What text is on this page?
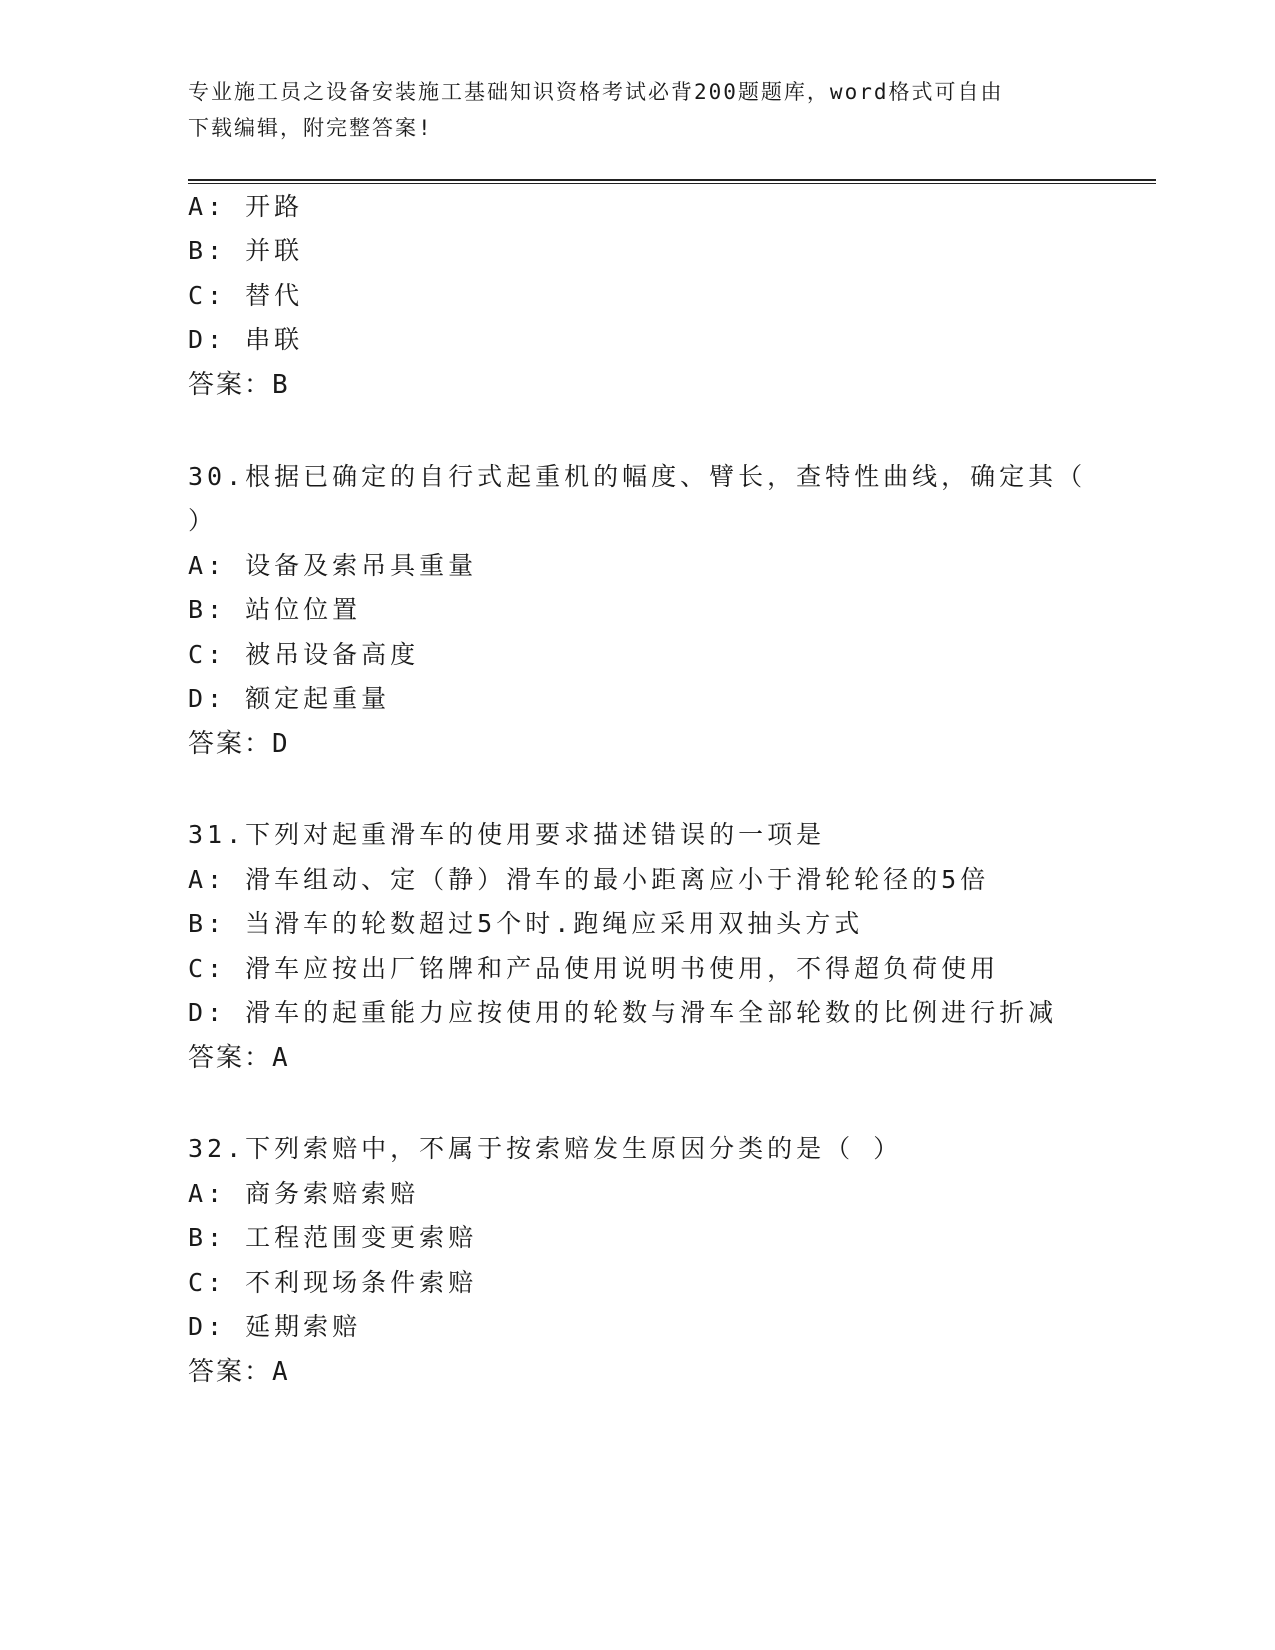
专业施工员之设备安装施工基础知识资格考试必背200题题库，word格式可自由
下载编辑，附完整答案!
A: 开路
B: 并联
C: 替代
D: 串联
答案：B
30.根据已确定的自行式起重机的幅度、臂长，查特性曲线，确定其（
）
A: 设备及索吊具重量
B: 站位位置
C: 被吊设备高度
D: 额定起重量
答案：D
31.下列对起重滑车的使用要求描述错误的一项是
A: 滑车组动、定（静）滑车的最小距离应小于滑轮轮径的5倍
B: 当滑车的轮数超过5个时.跑绳应采用双抽头方式
C: 滑车应按出厂铭牌和产品使用说明书使用，不得超负荷使用
D: 滑车的起重能力应按使用的轮数与滑车全部轮数的比例进行折减
答案：A
32.下列索赔中，不属于按索赔发生原因分类的是（ ）
A: 商务索赔索赔
B: 工程范围变更索赔
C: 不利现场条件索赔
D: 延期索赔
答案：A
